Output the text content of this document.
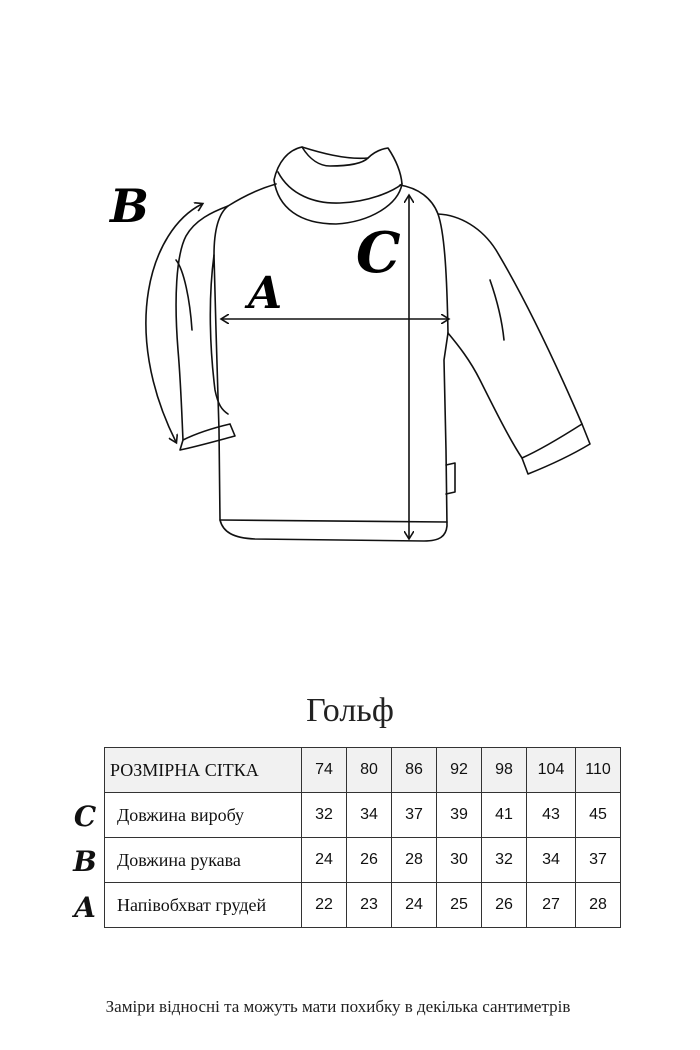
B
A
C
Гольф
C
B
A
РОЗМІРНА СІТКА	74	80	86	92	98	104	110
Довжина виробу	32	34	37	39	41	43	45
Довжина рукава	24	26	28	30	32	34	37
Напівобхват грудей	22	23	24	25	26	27	28
Заміри відносні та можуть мати похибку в декілька сантиметрів
